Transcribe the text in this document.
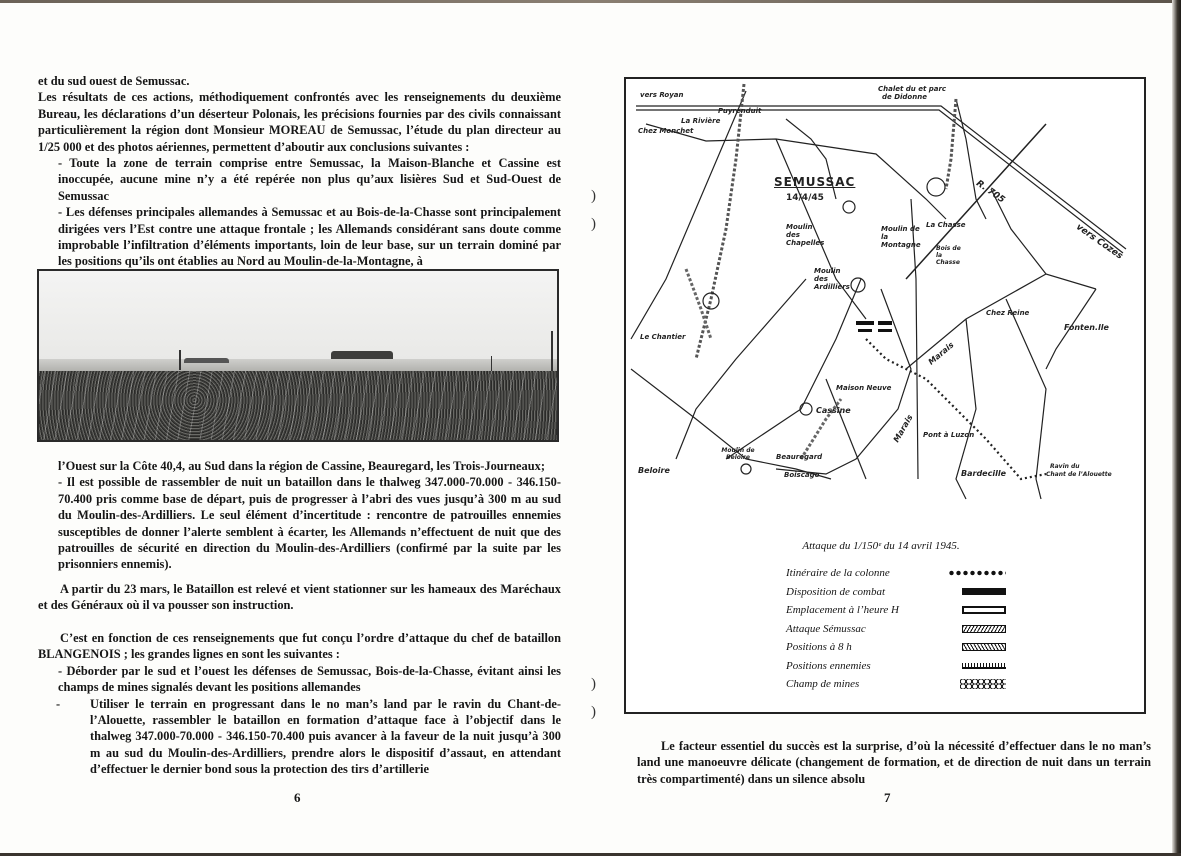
et du sud ouest de Semussac.

Les résultats de ces actions, méthodiquement confrontés avec les renseignements du deuxième Bureau, les déclarations d’un déserteur Polonais, les précisions fournies par des civils connaissant particulièrement la région dont Monsieur MOREAU de Semussac, l’étude du plan directeur au 1/25 000 et des photos aériennes, permettent d’aboutir aux conclusions suivantes :

- Toute la zone de terrain comprise entre Semussac, la Maison-Blanche et Cassine est inoccupée, aucune mine n’y a été repérée non plus qu’aux lisières Sud et Sud-Ouest de Semussac

- Les défenses principales allemandes à Semussac et au Bois-de-la-Chasse sont principalement dirigées vers l’Est contre une attaque frontale ; les Allemands considérant sans doute comme improbable l’infiltration d’éléments importants, loin de leur base, sur un terrain dominé par les positions qu’ils ont établies au Nord au Moulin-de-la-Montagne, à

l’Ouest sur la Côte 40,4, au Sud dans la région de Cassine, Beauregard, les Trois-Journeaux;

- Il est possible de rassembler de nuit un bataillon dans le thalweg 347.000-70.000 - 346.150-70.400 pris comme base de départ, puis de progresser à l’abri des vues jusqu’à 300 m au sud du Moulin-des-Ardilliers. Le seul élément d’incertitude : rencontre de patrouilles ennemies susceptibles de donner l’alerte semblent à écarter, les Allemands n’effectuent de nuit que des patrouilles de sécurité en direction du Moulin-des-Ardilliers (confirmé par la suite par les prisonniers ennemis).

A partir du 23 mars, le Bataillon est relevé et vient stationner sur les hameaux des Maréchaux et des Généraux où il va pousser son instruction.

C’est en fonction de ces renseignements que fut conçu l’ordre d’attaque du chef de bataillon BLANGENOIS ; les grandes lignes en sont les suivantes :

- Déborder par le sud et l’ouest les défenses de Semussac, Bois-de-la-Chasse, évitant ainsi les champs de mines signalés devant les positions allemandes

-	Utiliser le terrain en progressant dans le no man’s land par le ravin du Chant-de-l’Alouette, rassembler le bataillon en formation d’attaque face à l’objectif dans le thalweg 347.000-70.000 - 346.150-70.400 puis avancer à la faveur de la nuit jusqu’à 300 m au sud du Moulin-des-Ardilliers, prendre alors le dispositif d’assaut, en attendant d’effectuer le dernier bond sous la protection des tirs d’artillerie

)
)
)
)
6
vers Royan
Chalet du et parc
de Didonne
Puyrenduit
La Rivière
Chez Monchet
SEMUSSAC
14/4/45
Moulin des Chapelles
Moulin de la Montagne
La Chasse
Bois de la Chasse
Moulin des Ardilliers
R. 705
vers Cozes
Chez Reine
Fonten.lle
Le Chantier
Maison Neuve
Cassine
Marais
Marais Pont à Luzon
Moulin de Beloire	Beauregard
Boiscage
Beloire	Bardecille
Ravin du
Chant de l’Alouette
Attaque du 1/150ᵉ du 14 avril 1945.
Itinéraire de la colonne
Disposition de combat
Emplacement à l’heure H
Attaque Sémussac
Positions à 8 h
Positions ennemies
Champ de mines

Le facteur essentiel du succès est la surprise, d’où la nécessité d’effectuer dans le no man’s land une manoeuvre délicate (changement de formation, et de direction de nuit dans un terrain très compartimenté) dans un silence absolu

7
